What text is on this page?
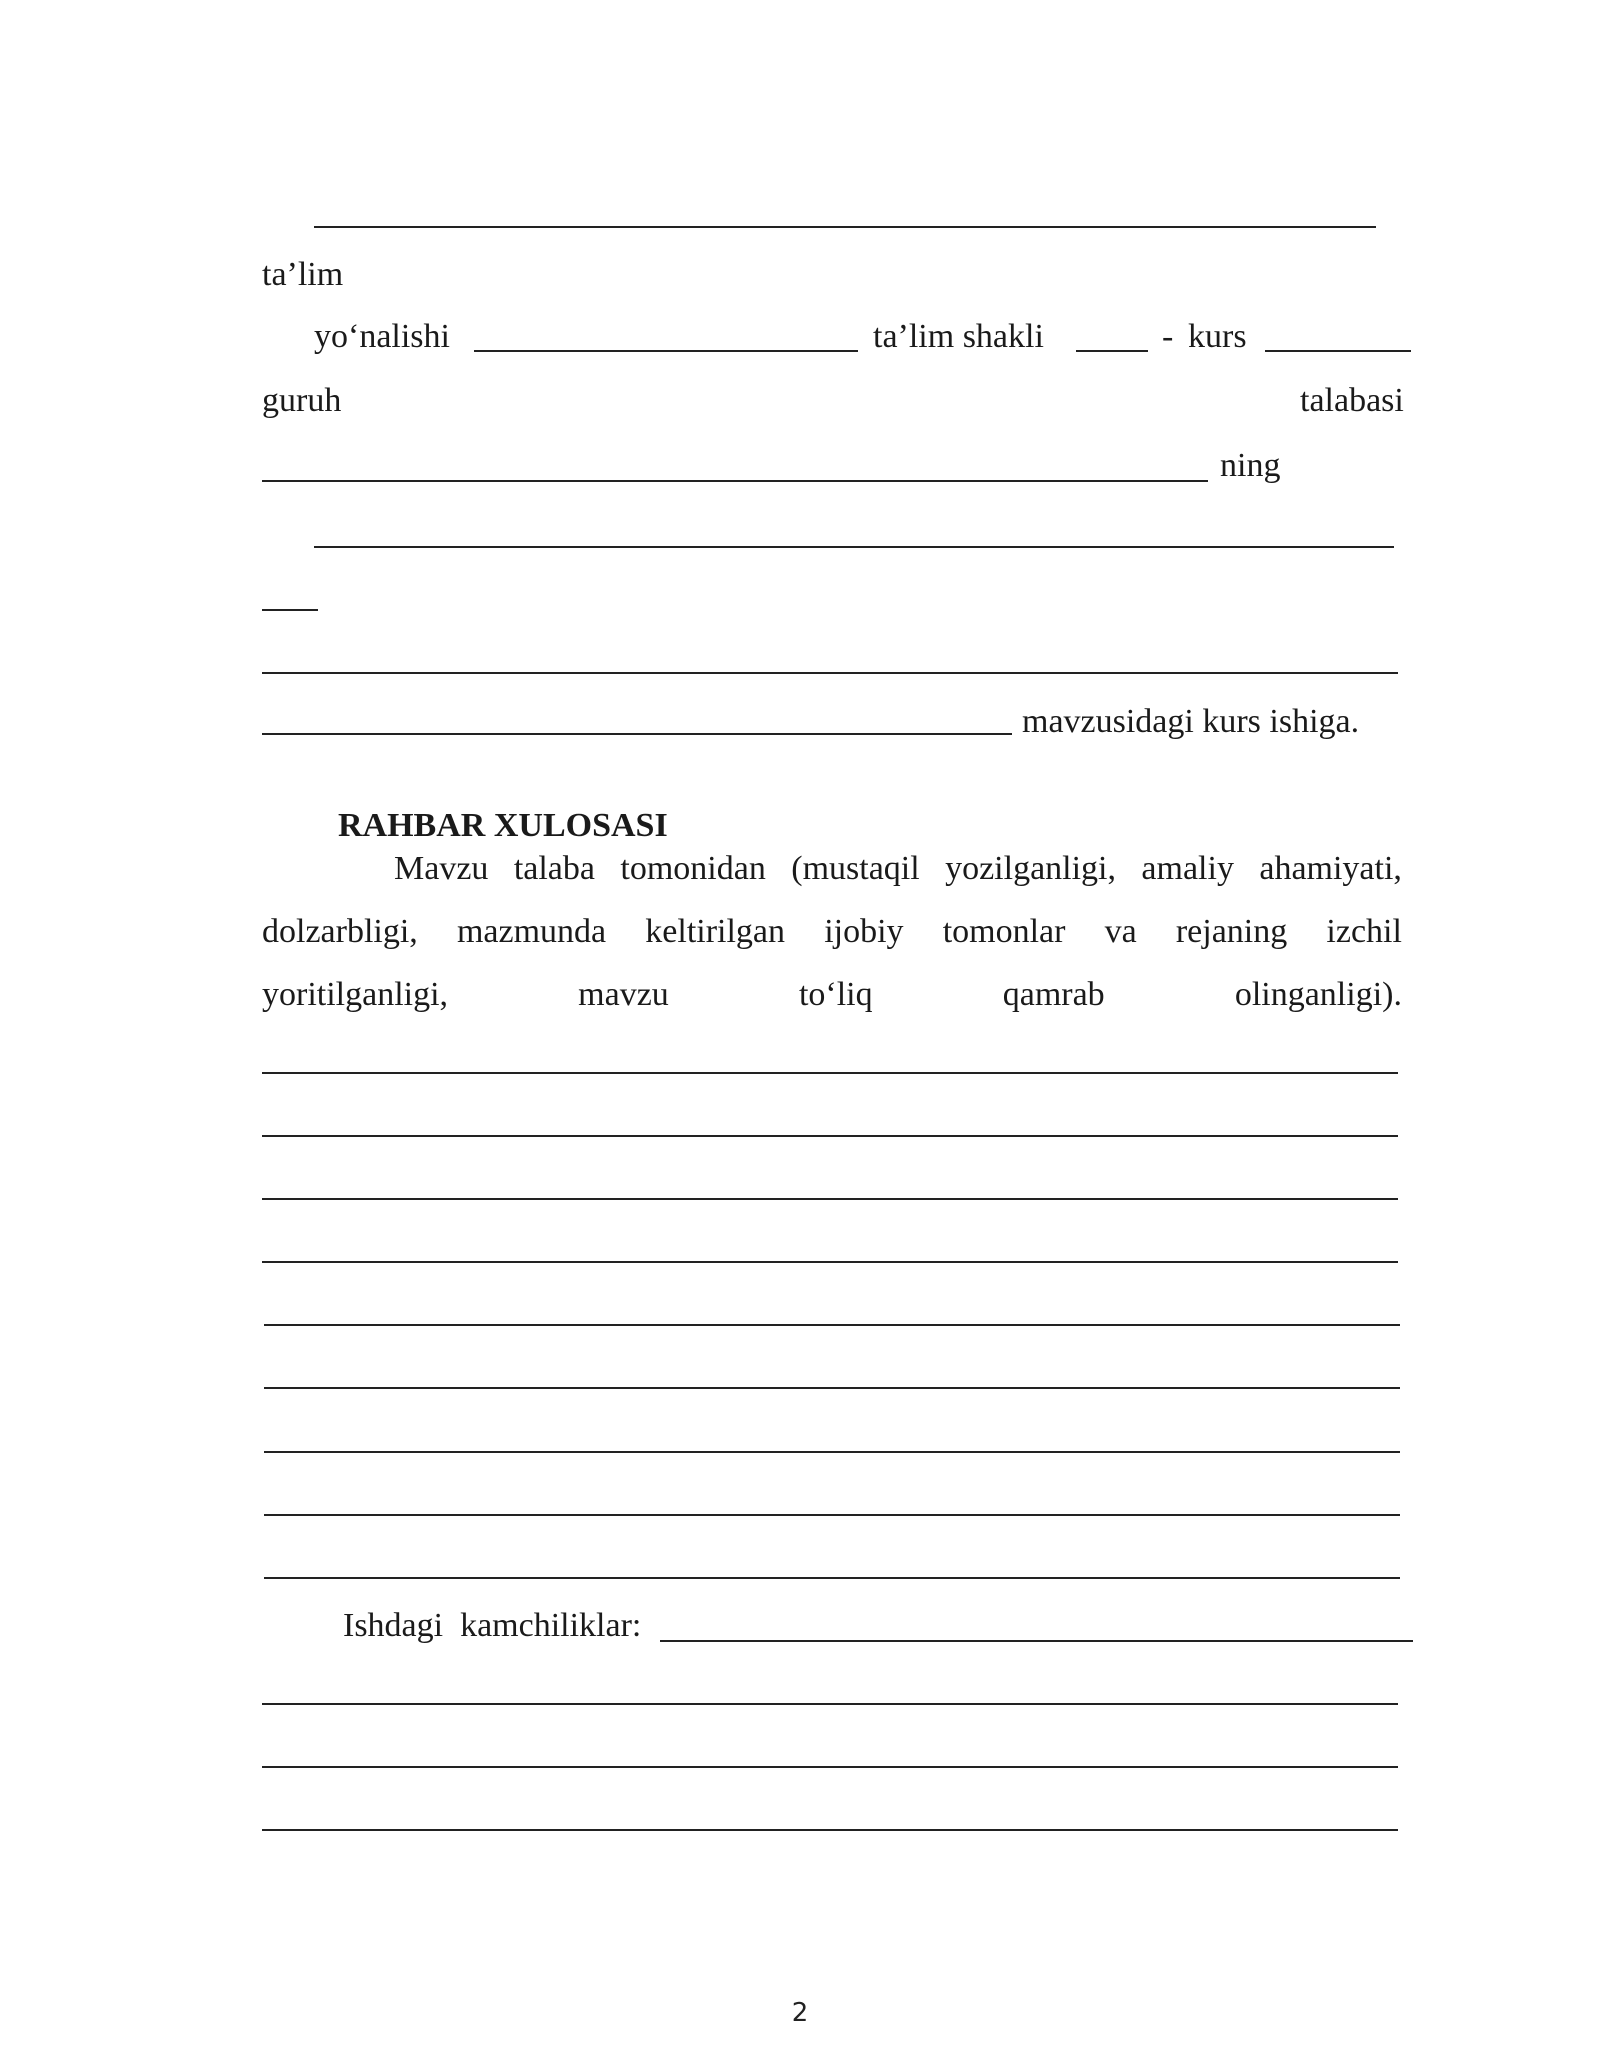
ta’lim
yo‘nalishi	ta’lim shakli	- kurs
guruh	talabasi
ning
mavzusidagi kurs ishiga.
RAHBAR XULOSASI
Mavzu talaba tomonidan (mustaqil yozilganligi, amaliy ahamiyati,
dolzarbligi, mazmunda keltirilgan ijobiy tomonlar va rejaning izchil
yoritilganligi,	mavzu	to‘liq	qamrab	olinganligi).
Ishdagi  kamchiliklar:
2
